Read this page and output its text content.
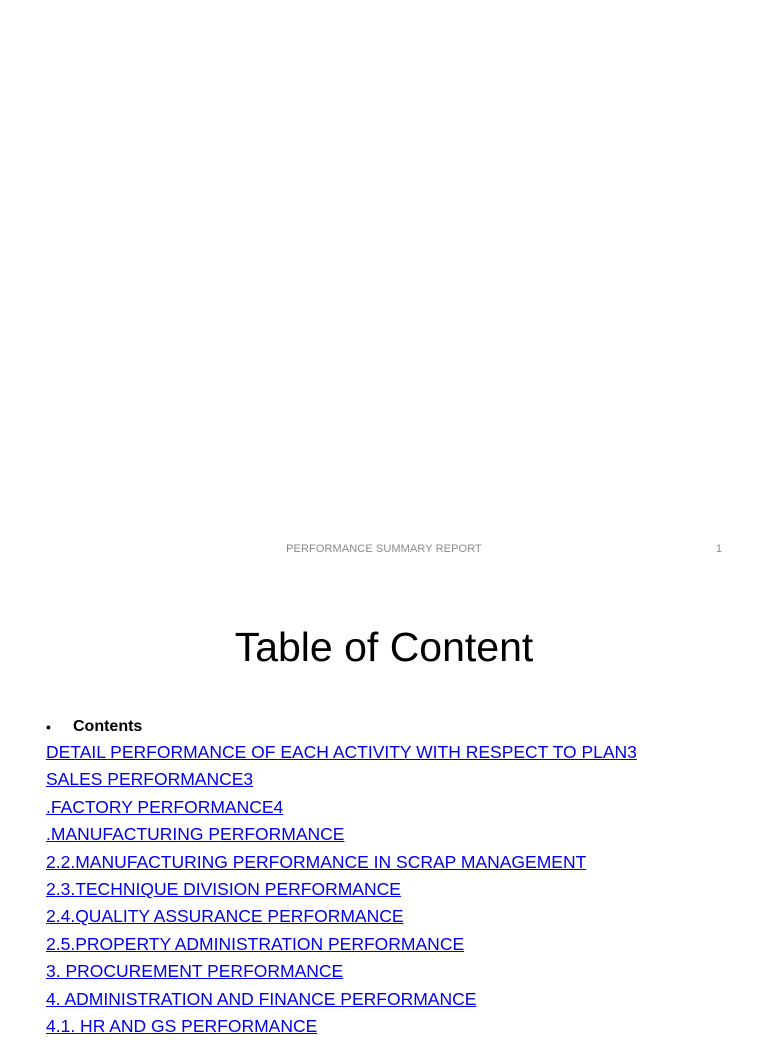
PERFORMANCE SUMMARY REPORT	1
Table of Content
•	Contents
DETAIL PERFORMANCE OF EACH ACTIVITY WITH RESPECT TO PLAN3
SALES PERFORMANCE3
.FACTORY PERFORMANCE4
.MANUFACTURING PERFORMANCE
2.2.MANUFACTURING PERFORMANCE IN SCRAP MANAGEMENT
2.3.TECHNIQUE DIVISION PERFORMANCE
2.4.QUALITY ASSURANCE PERFORMANCE
2.5.PROPERTY ADMINISTRATION PERFORMANCE
3. PROCUREMENT PERFORMANCE
4. ADMINISTRATION AND FINANCE PERFORMANCE
4.1. HR AND GS PERFORMANCE
